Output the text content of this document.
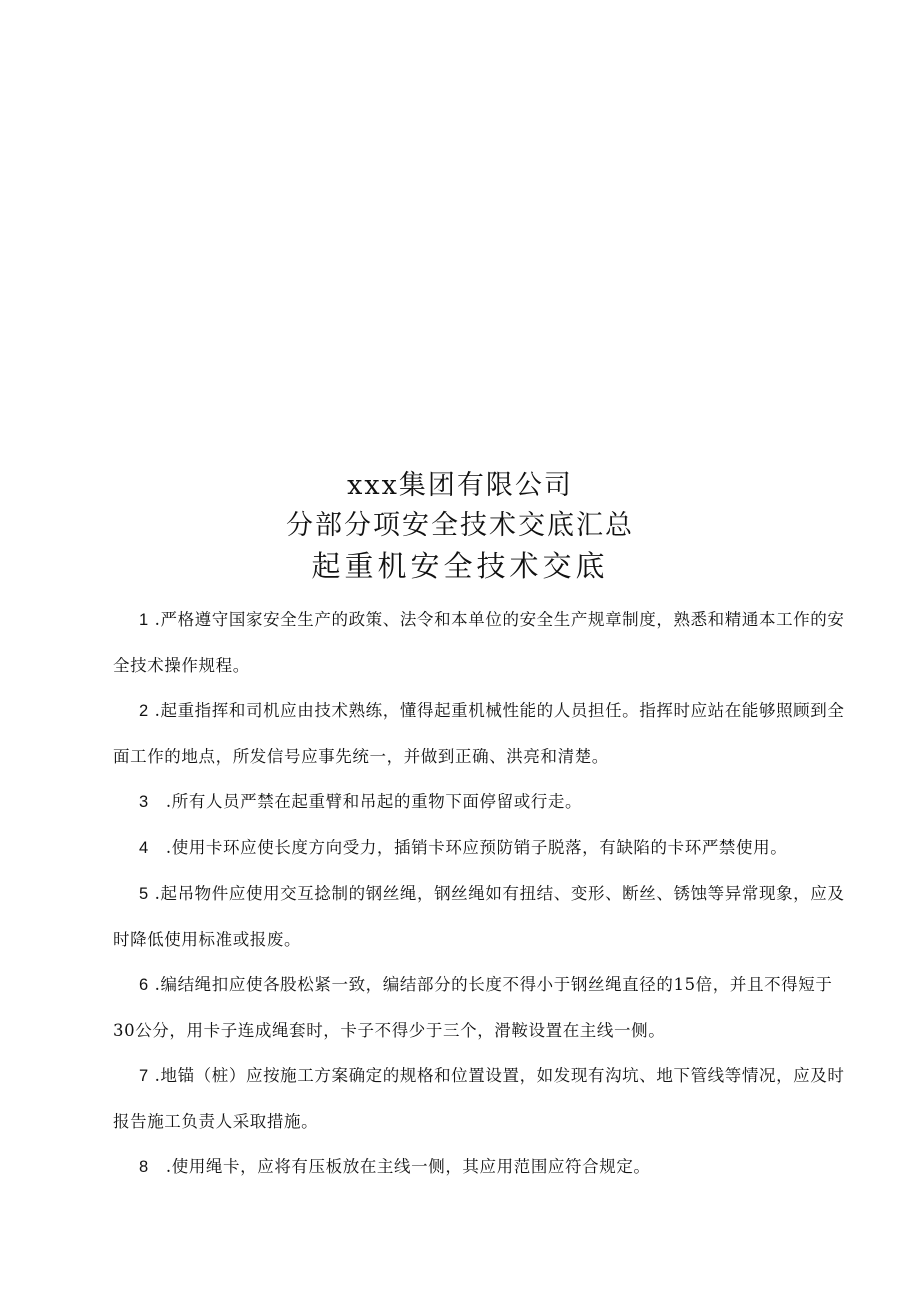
xxx集团有限公司
分部分项安全技术交底汇总
起重机安全技术交底

1 .严格遵守国家安全生产的政策、法令和本单位的安全生产规章制度，熟悉和精通本工作的安全技术操作规程。

2 .起重指挥和司机应由技术熟练，懂得起重机械性能的人员担任。指挥时应站在能够照顾到全面工作的地点，所发信号应事先统一，并做到正确、洪亮和清楚。

3　.所有人员严禁在起重臂和吊起的重物下面停留或行走。

4　.使用卡环应使长度方向受力，插销卡环应预防销子脱落，有缺陷的卡环严禁使用。

5 .起吊物件应使用交互捻制的钢丝绳，钢丝绳如有扭结、变形、断丝、锈蚀等异常现象，应及时降低使用标准或报废。

6 .编结绳扣应使各股松紧一致，编结部分的长度不得小于钢丝绳直径的15倍，并且不得短于30公分，用卡子连成绳套时，卡子不得少于三个，滑鞍设置在主线一侧。

7 .地锚（桩）应按施工方案确定的规格和位置设置，如发现有沟坑、地下管线等情况，应及时报告施工负责人采取措施。

8　.使用绳卡，应将有压板放在主线一侧，其应用范围应符合规定。
